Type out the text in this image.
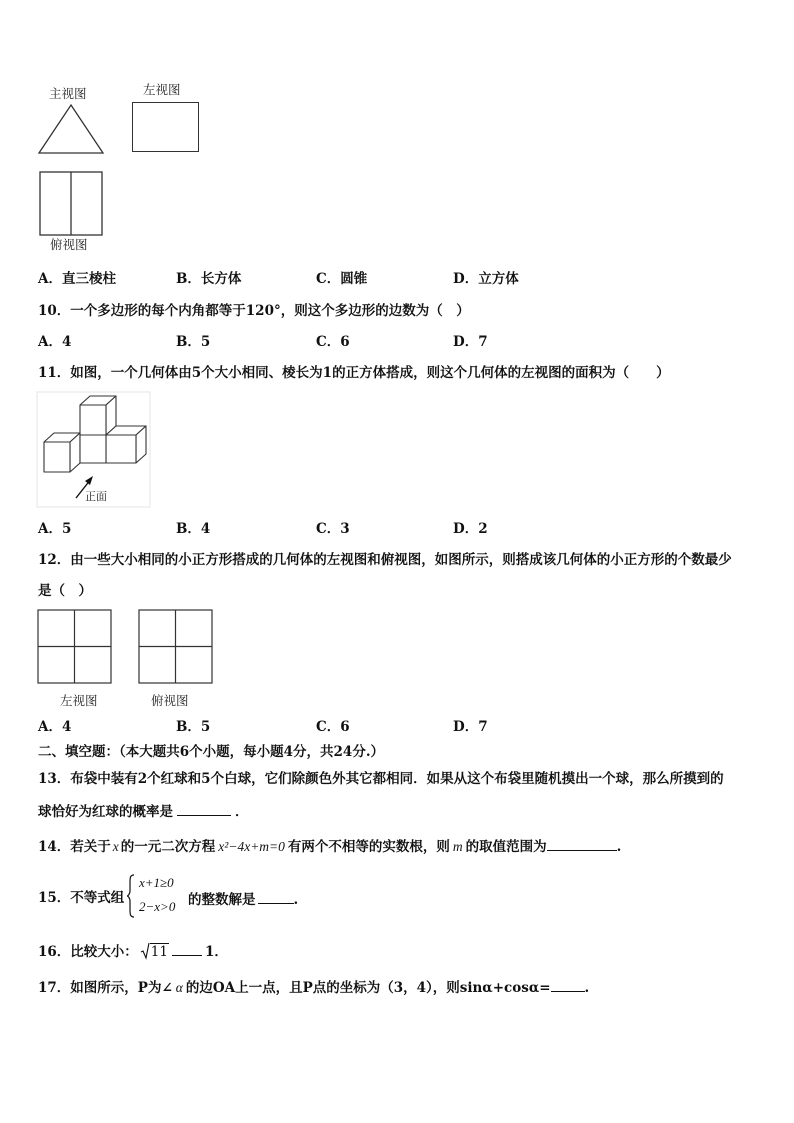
主视图	左视图
俯视图
A．直三棱柱	B．长方体	C．圆锥	D．立方体
10．一个多边形的每个内角都等于120°，则这个多边形的边数为（　）
A．4	B．5	C．6	D．7
11．如图，一个几何体由5个大小相同、棱长为1的正方体搭成，则这个几何体的左视图的面积为（　　）
正面
A．5	B．4	C．3	D．2
12．由一些大小相同的小正方形搭成的几何体的左视图和俯视图，如图所示，则搭成该几何体的小正方形的个数最少
是（　）
左视图	俯视图
A．4	B．5	C．6	D．7
二、填空题：（本大题共6个小题，每小题4分，共24分.）
13．布袋中装有2个红球和5个白球，它们除颜色外其它都相同．如果从这个布袋里随机摸出一个球，那么所摸到的
球恰好为红球的概率是	．
14．若关于 x 的一元二次方程 x²−4x+m=0 有两个不相等的实数根，则 m 的取值范围为	.
15．不等式组
x+1≥0
2−x>0 的整数解是	.
16．比较大小： 11	1．
17．如图所示，P为∠ α 的边OA上一点，且P点的坐标为（3，4），则sinα+cosα=	.
